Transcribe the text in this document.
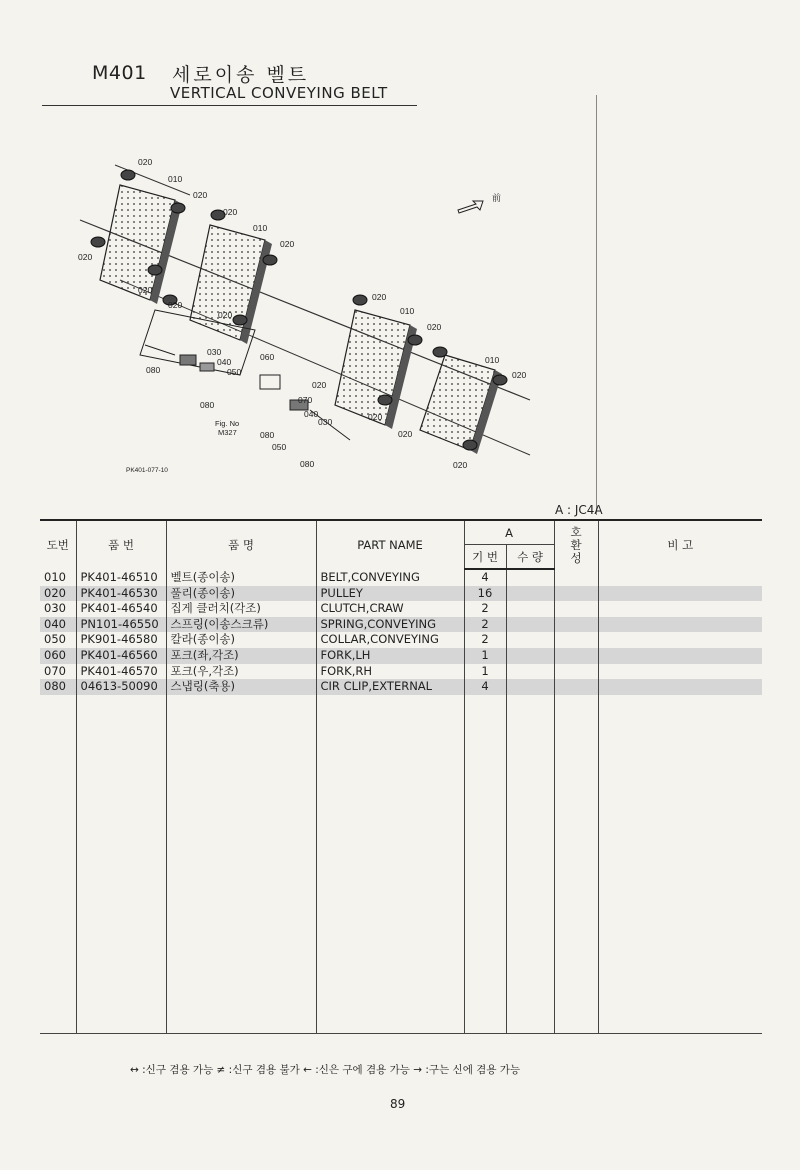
M401 세로이송 벨트
VERTICAL CONVEYING BELT
020
010
020
020
010
020
020
020
020
020	010
020
020
010
020
030
040
050
060
070
080
080
040
030
080
050
080
020
020
020
020
前
Fig. No
M327
PK401-077-10
A : JC4A
도번	품 번	품 명	PART NAME	A		호
환
성	비 고
				기 번	수 량		
010	PK401-46510	벨트(종이송)	BELT,CONVEYING	4			
020	PK401-46530	풀리(종이송)	PULLEY	16			
030	PK401-46540	집게 클러치(각조)	CLUTCH,CRAW	2			
040	PN101-46550	스프링(이송스크류)	SPRING,CONVEYING	2			
050	PK901-46580	칼라(종이송)	COLLAR,CONVEYING	2			
060	PK401-46560	포크(좌,각조)	FORK,LH	1			
070	PK401-46570	포크(우,각조)	FORK,RH	1			
080	04613-50090	스냅링(축용)	CIR CLIP,EXTERNAL	4			

↔ :신구 겸용 가능 ≠ :신구 겸용 불가 ← :신은 구에 겸용 가능 → :구는 신에 겸용 가능
89
